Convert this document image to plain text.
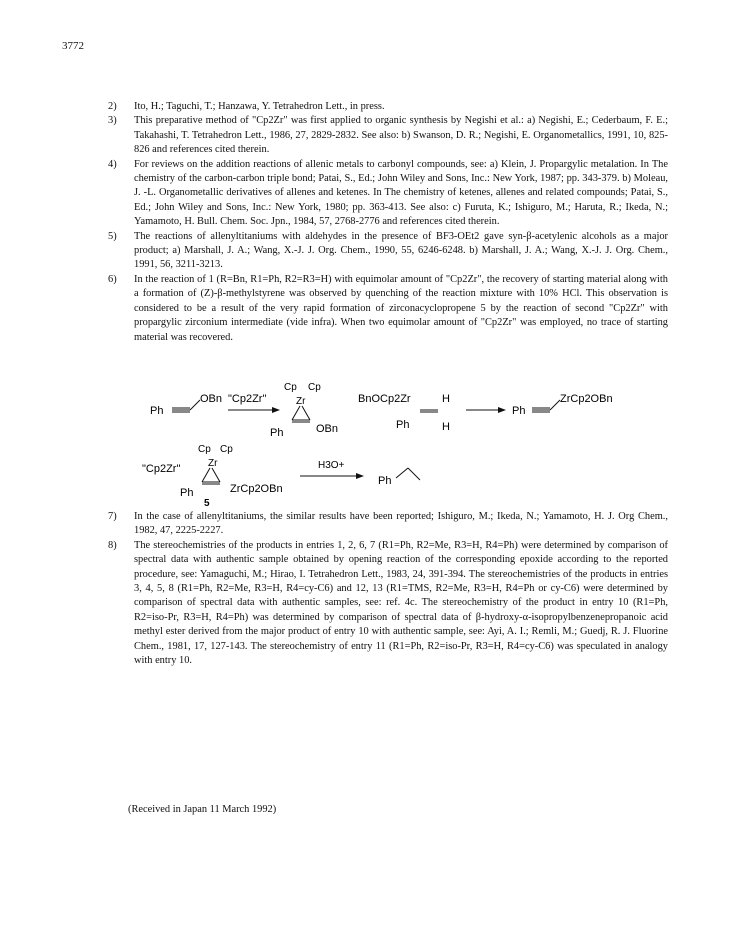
3772
2)	Ito, H.; Taguchi, T.; Hanzawa, Y. Tetrahedron Lett., in press.
3)	This preparative method of "Cp2Zr" was first applied to organic synthesis by Negishi et al.: a) Negishi, E.; Cederbaum, F. E.; Takahashi, T. Tetrahedron Lett., 1986, 27, 2829-2832. See also: b) Swanson, D. R.; Negishi, E. Organometallics, 1991, 10, 825-826 and references cited therein.
4)	For reviews on the addition reactions of allenic metals to carbonyl compounds, see: a) Klein, J. Propargylic metalation. In The chemistry of the carbon-carbon triple bond; Patai, S., Ed.; John Wiley and Sons, Inc.: New York, 1987; pp. 343-379. b) Moleau, J. -L. Organometallic derivatives of allenes and ketenes. In The chemistry of ketenes, allenes and related compounds; Patai, S., Ed.; John Wiley and Sons, Inc.: New York, 1980; pp. 363-413. See also: c) Furuta, K.; Ishiguro, M.; Haruta, R.; Ikeda, N.; Yamamoto, H. Bull. Chem. Soc. Jpn., 1984, 57, 2768-2776 and references cited therein.
5)	The reactions of allenyltitaniums with aldehydes in the presence of BF3-OEt2 gave syn-β-acetylenic alcohols as a major product; a) Marshall, J. A.; Wang, X.-J. J. Org. Chem., 1990, 55, 6246-6248. b) Marshall, J. A.; Wang, X.-J. J. Org. Chem., 1991, 56, 3211-3213.
6)	In the reaction of 1 (R=Bn, R1=Ph, R2=R3=H) with equimolar amount of "Cp2Zr", the recovery of starting material along with a formation of (Z)-β-methylstyrene was observed by quenching of the reaction mixture with 10% HCl. This observation is considered to be a result of the very rapid formation of zirconacyclopropene 5 by the reaction of second "Cp2Zr" with propargylic zirconium intermediate (vide infra). When two equimolar amount of "Cp2Zr" was employed, no trace of starting material was recovered.
Ph
OBn "Cp2Zr"
Cp Cp
Zr
Ph	OBn
BnOCp2Zr	H
H
Ph
Ph
ZrCp2OBn
"Cp2Zr"
Cp Cp
Zr
Ph	ZrCp2OBn
5
H3O+
Ph
7)	In the case of allenyltitaniums, the similar results have been reported; Ishiguro, M.; Ikeda, N.; Yamamoto, H. J. Org Chem., 1982, 47, 2225-2227.
8)	The stereochemistries of the products in entries 1, 2, 6, 7 (R1=Ph, R2=Me, R3=H, R4=Ph) were determined by comparison of spectral data with authentic sample obtained by opening reaction of the corresponding epoxide according to the reported procedure, see: Yamaguchi, M.; Hirao, I. Tetrahedron Lett., 1983, 24, 391-394. The stereochemistries of the products in entries 3, 4, 5, 8 (R1=Ph, R2=Me, R3=H, R4=cy-C6) and 12, 13 (R1=TMS, R2=Me, R3=H, R4=Ph or cy-C6) were determined by comparison of spectral data with authentic samples, see: ref. 4c. The stereochemistry of the product in entry 10 (R1=Ph, R2=iso-Pr, R3=H, R4=Ph) was determined by comparison of spectral data of β-hydroxy-α-isopropylbenzenepropanoic acid methyl ester derived from the major product of entry 10 with authentic sample, see: Ayi, A. I.; Remli, M.; Guedj, R. J. Fluorine Chem., 1981, 17, 127-143. The stereochemistry of entry 11 (R1=Ph, R2=iso-Pr, R3=H, R4=cy-C6) was speculated in analogy with entry 10.
(Received in Japan 11 March 1992)
